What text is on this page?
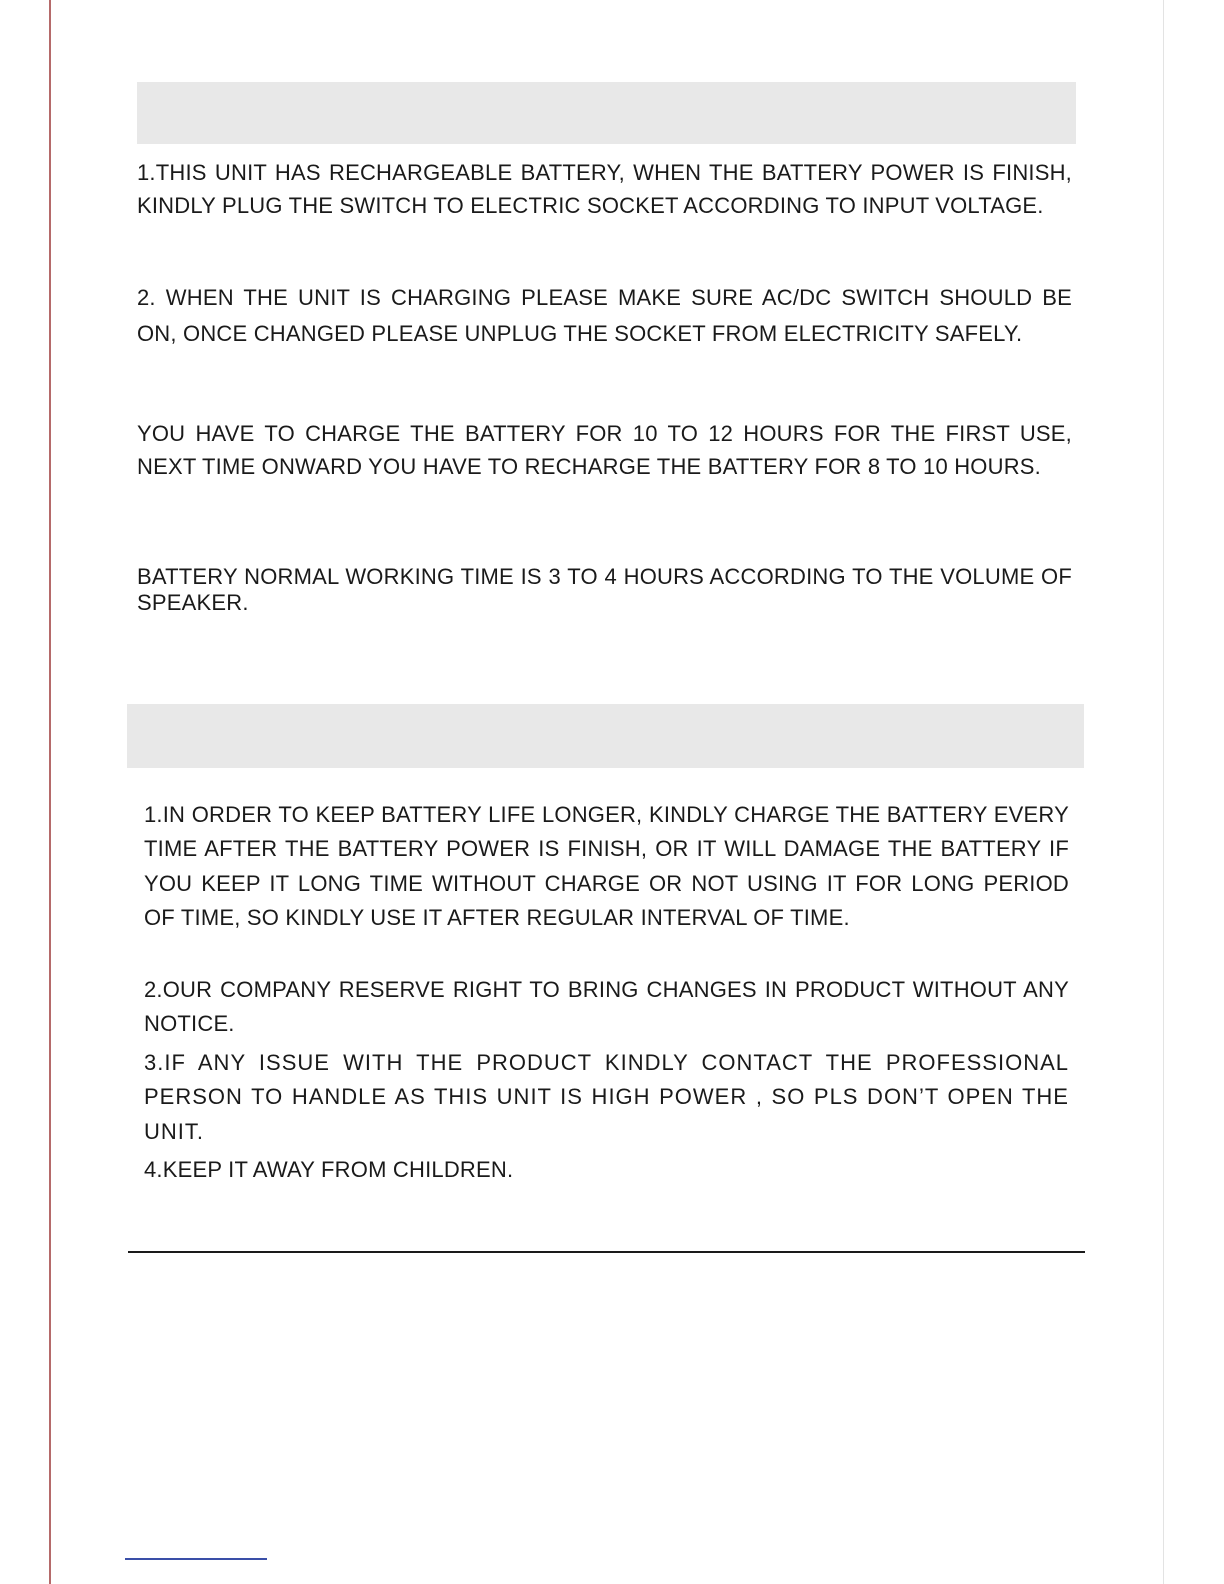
1.THIS UNIT HAS RECHARGEABLE BATTERY, WHEN THE BATTERY POWER IS FINISH, KINDLY PLUG THE SWITCH TO ELECTRIC SOCKET ACCORDING TO INPUT VOLTAGE.

2. WHEN THE UNIT IS CHARGING PLEASE MAKE SURE AC/DC SWITCH SHOULD BE ON, ONCE CHANGED PLEASE UNPLUG THE SOCKET FROM ELECTRICITY SAFELY.

YOU HAVE TO CHARGE THE BATTERY FOR 10 TO 12 HOURS FOR THE FIRST USE, NEXT TIME ONWARD YOU HAVE TO RECHARGE THE BATTERY FOR 8 TO 10 HOURS.

BATTERY NORMAL WORKING TIME IS 3 TO 4 HOURS ACCORDING TO THE VOLUME OF SPEAKER.

1.IN ORDER TO KEEP BATTERY LIFE LONGER, KINDLY CHARGE THE BATTERY EVERY TIME AFTER THE BATTERY POWER IS FINISH, OR IT WILL DAMAGE THE BATTERY IF YOU KEEP IT LONG TIME WITHOUT CHARGE OR NOT USING IT FOR LONG PERIOD OF TIME, SO KINDLY USE IT AFTER REGULAR INTERVAL OF TIME.

2.OUR COMPANY RESERVE RIGHT TO BRING CHANGES IN PRODUCT WITHOUT ANY NOTICE.

3.IF ANY ISSUE WITH THE PRODUCT KINDLY CONTACT THE PROFESSIONAL PERSON TO HANDLE AS THIS UNIT IS HIGH POWER , SO PLS DON’T OPEN THE UNIT.

4.KEEP IT AWAY FROM CHILDREN.
